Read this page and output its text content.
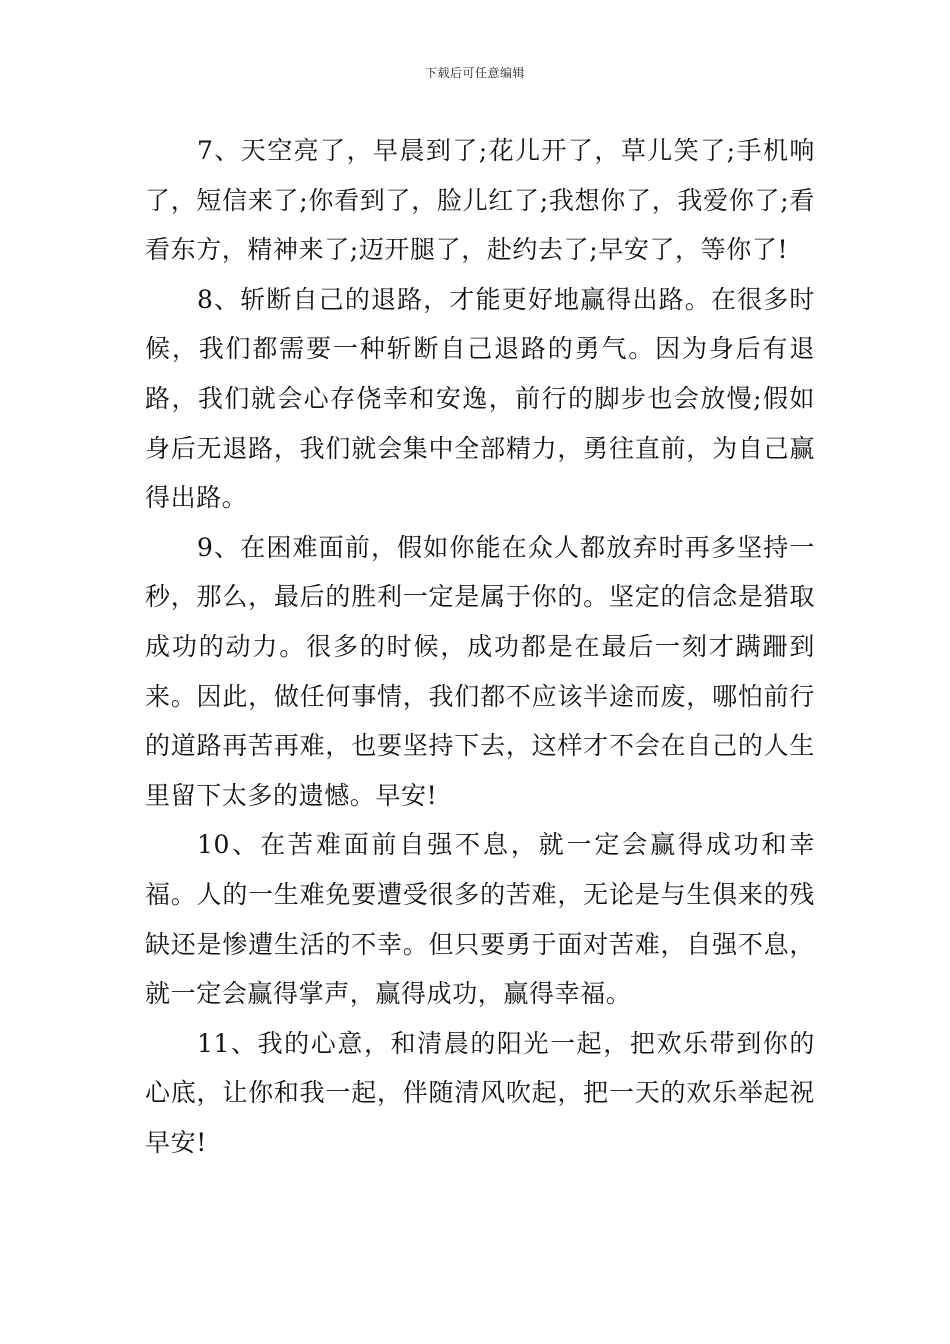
下载后可任意编辑

7、天空亮了，早晨到了;花儿开了，草儿笑了;手机响了，短信来了;你看到了，脸儿红了;我想你了，我爱你了;看看东方，精神来了;迈开腿了，赴约去了;早安了，等你了!

8、斩断自己的退路，才能更好地赢得出路。在很多时候，我们都需要一种斩断自己退路的勇气。因为身后有退路，我们就会心存侥幸和安逸，前行的脚步也会放慢;假如身后无退路，我们就会集中全部精力，勇往直前，为自己赢得出路。

9、在困难面前，假如你能在众人都放弃时再多坚持一秒，那么，最后的胜利一定是属于你的。坚定的信念是猎取成功的动力。很多的时候，成功都是在最后一刻才蹒跚到来。因此，做任何事情，我们都不应该半途而废，哪怕前行的道路再苦再难，也要坚持下去，这样才不会在自己的人生里留下太多的遗憾。早安!

10、在苦难面前自强不息，就一定会赢得成功和幸福。人的一生难免要遭受很多的苦难，无论是与生俱来的残缺还是惨遭生活的不幸。但只要勇于面对苦难，自强不息，就一定会赢得掌声，赢得成功，赢得幸福。

11、我的心意，和清晨的阳光一起，把欢乐带到你的心底，让你和我一起，伴随清风吹起，把一天的欢乐举起祝早安!
